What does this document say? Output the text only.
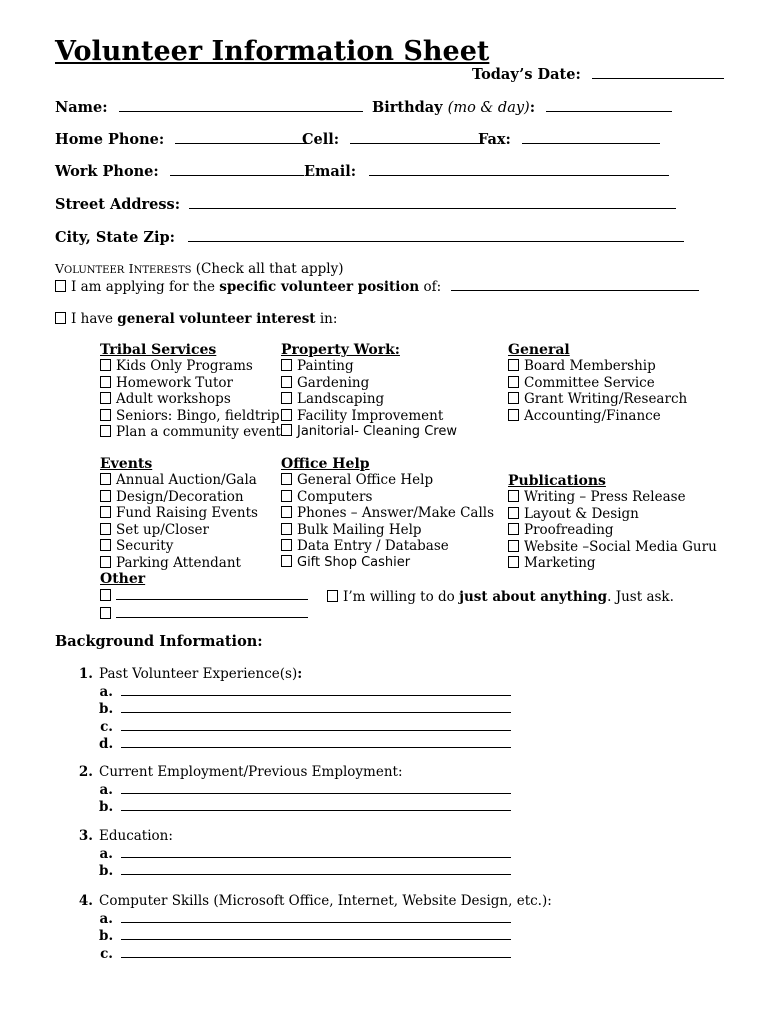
Volunteer Information Sheet
Today’s Date:
Name:	Birthday (mo & day):
Home Phone:	Cell:	Fax:
Work Phone:	Email:
Street Address:
City, State Zip:
VOLUNTEER INTERESTS (Check all that apply)
I am applying for the specific volunteer position of:
I have general volunteer interest in:
Tribal Services
Kids Only Programs
Homework Tutor
Adult workshops
Seniors: Bingo, fieldtrip
Plan a community event
Property Work:
Painting
Gardening
Landscaping
Facility Improvement
Janitorial- Cleaning Crew
General
Board Membership
Committee Service
Grant Writing/Research
Accounting/Finance
Events
Annual Auction/Gala
Design/Decoration
Fund Raising Events
Set up/Closer
Security
Parking Attendant
Other
Office Help
General Office Help
Computers
Phones – Answer/Make Calls
Bulk Mailing Help
Data Entry / Database
Gift Shop Cashier
Publications
Writing – Press Release
Layout & Design
Proofreading
Website –Social Media Guru
Marketing
I’m willing to do just about anything. Just ask.
Background Information:
1. Past Volunteer Experience(s):
a.
b.
c.
d.
2. Current Employment/Previous Employment:
a.
b.
3. Education:
a.
b.
4. Computer Skills (Microsoft Office, Internet, Website Design, etc.):
a.
b.
c.
